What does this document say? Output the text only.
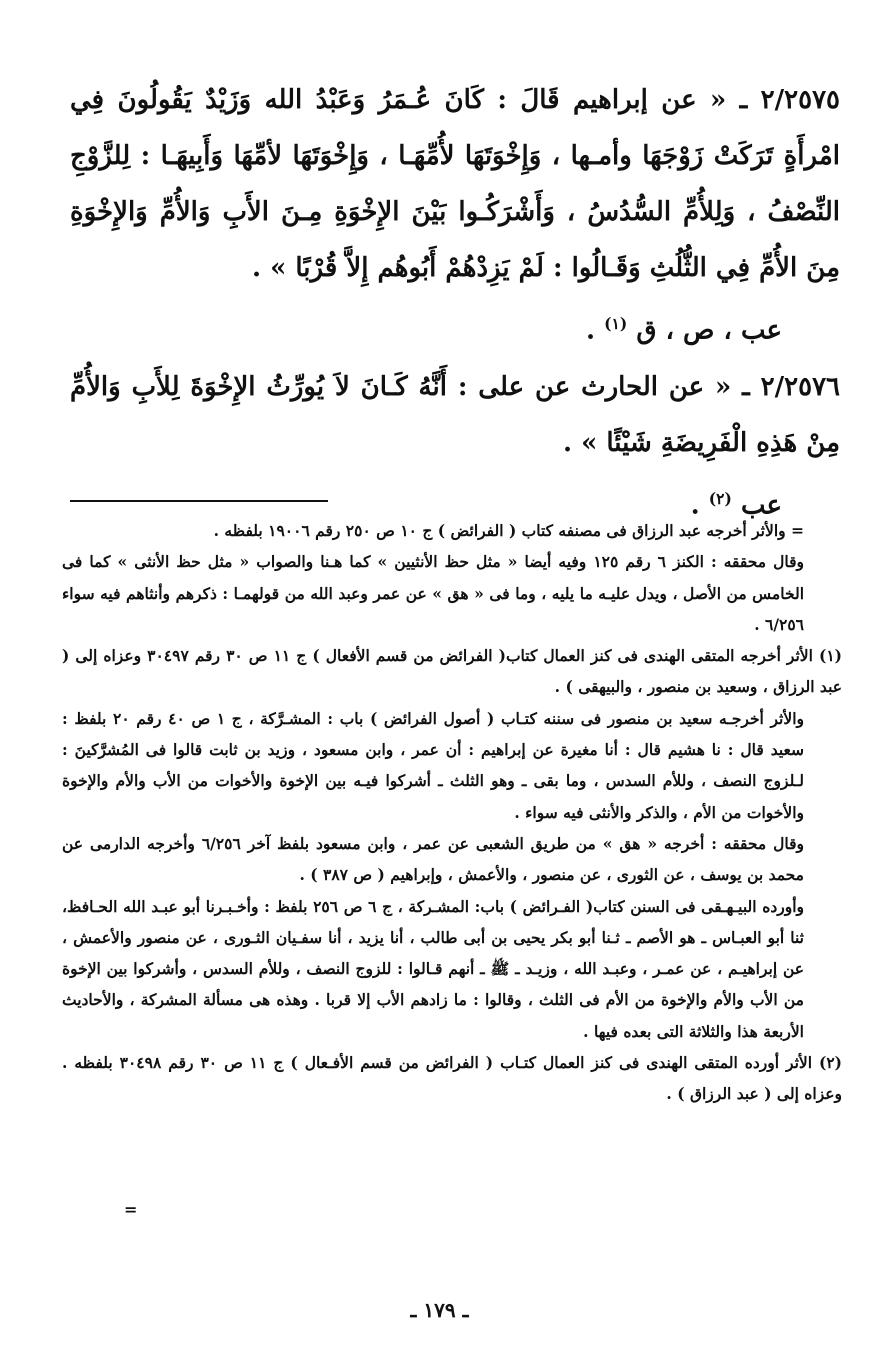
٢/٢٥٧٥ ـ « عن إبراهيم قَالَ : كَانَ عُـمَرُ وَعَبْدُ الله وَزَيْدٌ يَقُولُونَ فِي امْرأَةٍ تَرَكَتْ زَوْجَهَا وأمـها ، وَإِخْوَتَهَا لأُمِّهَـا ، وَإِخْوَتَهَا لأمِّهَا وَأَبِيهَـا : لِلزَّوْجِ النِّصْفُ ، وَلِلأُمِّ السُّدُسُ ، وَأَشْرَكُـوا بَيْنَ الإِخْوَةِ مِـنَ الأَبِ وَالأُمِّ وَالإِخْوَةِ مِنَ الأُمِّ فِي الثُّلُثِ وَقَـالُوا : لَمْ يَزِدْهُمْ أَبُوهُم إِلاَّ قُرْبًا » .

عب ، ص ، ق $^{(١)}$ .

٢/٢٥٧٦ ـ « عن الحارث عن على : أَنَّهُ كَـانَ لاَ يُورِّثُ الإِخْوَةَ لِلأَبِ وَالأُمِّ مِنْ هَذِهِ الْفَرِيضَةِ شَيْئًا » .

عب $^{(٢)}$ .

= والأثر أخرجه عبد الرزاق فى مصنفه كتاب ( الفرائض ) ج ١٠ ص ٢٥٠ رقم ١٩٠٠٦ بلفظه .

وقال محققه : الكنز ٦ رقم ١٢٥ وفيه أيضا « مثل حظ الأنثيين » كما هـنا والصواب « مثل حظ الأنثى » كما فى الخامس من الأصل ، ويدل عليـه ما يليه ، وما فى « هق » عن عمر وعبد الله من قولهمـا : ذكرهم وأنثاهم فيه سواء ٦/٢٥٦ .

(١) الأثر أخرجه المتقى الهندى فى كنز العمال كتاب( الفرائض من قسم الأفعال ) ج ١١ ص ٣٠ رقم ٣٠٤٩٧ وعزاه إلى ( عبد الرزاق ، وسعيد بن منصور ، والبيهقى ) .

والأثر أخرجـه سعيد بن منصور فى سننه كتـاب ( أصول الفرائض ) باب : المشـرَّكة ، ج ١ ص ٤٠ رقم ٢٠ بلفظ : سعيد قال : نا هشيم قال : أنا مغيرة عن إبراهيم : أن عمر ، وابن مسعود ، وزيد بن ثابت قالوا فى المُشرَّكينَ : لـلزوج النصف ، وللأم السدس ، وما بقى ـ وهو الثلث ـ أشركوا فيـه بين الإخوة والأخوات من الأب والأم والإخوة والأخوات من الأم ، والذكر والأنثى فيه سواء .

وقال محققه : أخرجه « هق » من طريق الشعبى عن عمر ، وابن مسعود بلفظ آخر ٦/٢٥٦ وأخرجه الدارمى عن محمد بن يوسف ، عن الثورى ، عن منصور ، والأعمش ، وإبراهيم ( ص ٣٨٧ ) .

وأورده البيـهـقى فى السنن كتاب( الفـرائض ) باب: المشـركة ، ج ٦ ص ٢٥٦ بلفظ : وأخـبـرنا أبو عبـد الله الحـافظ، ثنا أبو العبـاس ـ هو الأصم ـ ثـنا أبو بكر يحيى بن أبى طالب ، أنا يزيد ، أنا سفـيان الثـورى ، عن منصور والأعمش ، عن إبراهيـم ، عن عمـر ، وعبـد الله ، وزيـد ـ ﷺ ـ أنهم قـالوا : للزوج النصف ، وللأم السدس ، وأشركوا بين الإخوة من الأب والأم والإخوة من الأم فى الثلث ، وقالوا : ما زادهم الأب إلا قربا . وهذه هى مسألة المشركة ، والأحاديث الأربعة هذا والثلاثة التى بعده فيها .

(٢) الأثر أورده المتقى الهندى فى كنز العمال كتـاب ( الفرائض من قسم الأفـعال ) ج ١١ ص ٣٠ رقم ٣٠٤٩٨ بلفظه . وعزاه إلى ( عبد الرزاق ) .

=
ـ ١٧٩ ـ
